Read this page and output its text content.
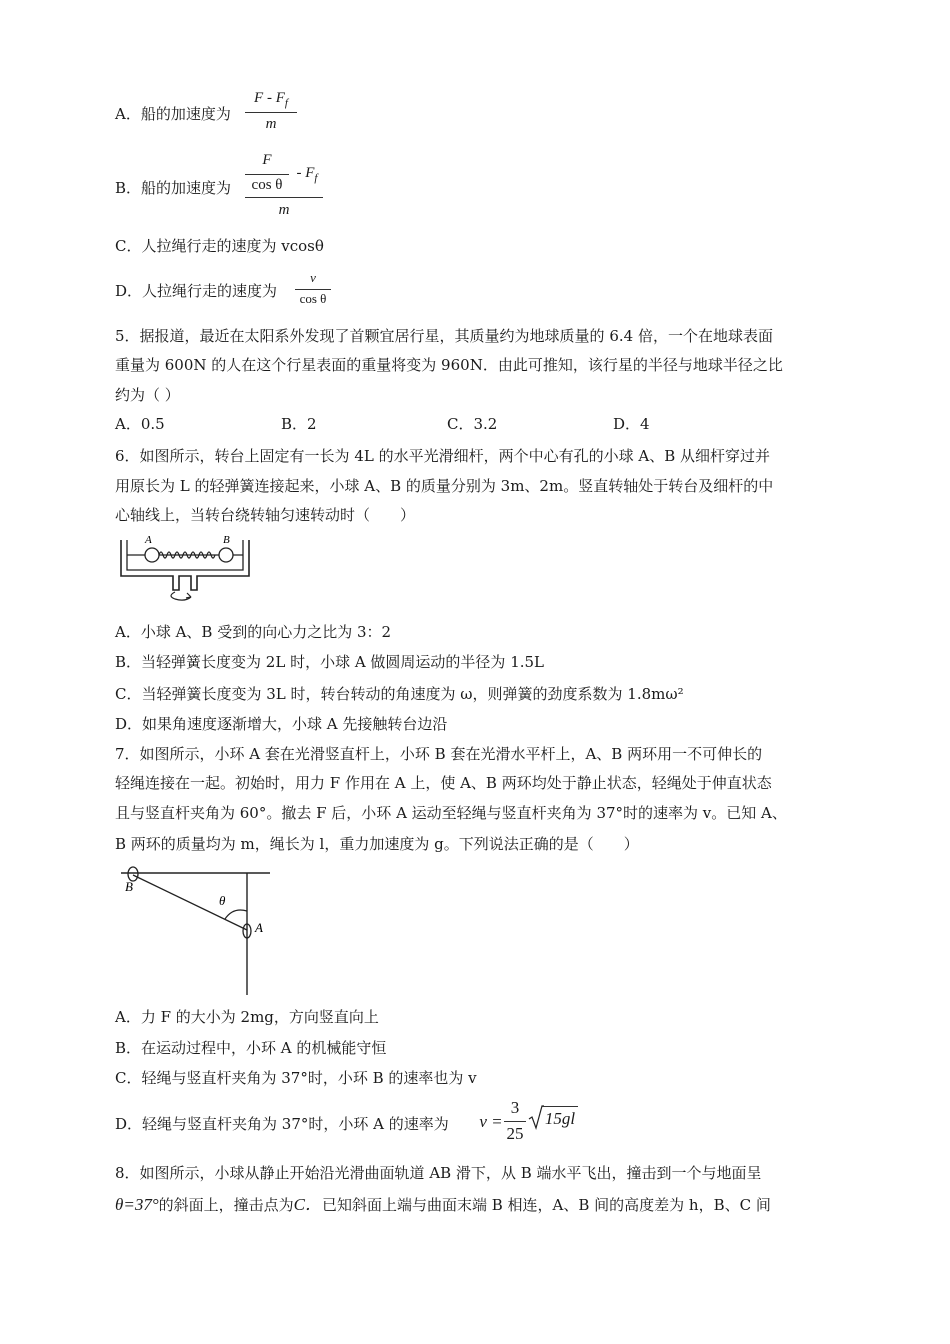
A．船的加速度为
F - $F_f$
m
B．船的加速度为
F
cos θ
- $F_f$
m
C．人拉绳行走的速度为 vcosθ
D．人拉绳行走的速度为
v
cos θ
5．据报道，最近在太阳系外发现了首颗宜居行星，其质量约为地球质量的 6.4 倍，一个在地球表面
重量为 600N 的人在这个行星表面的重量将变为 960N．由此可推知，该行星的半径与地球半径之比
约为（ ）
A．0.5	B．2	C．3.2	D．4
6．如图所示，转台上固定有一长为 4L 的水平光滑细杆，两个中心有孔的小球 A、B 从细杆穿过并
用原长为 L 的轻弹簧连接起来，小球 A、B 的质量分别为 3m、2m。竖直转轴处于转台及细杆的中
心轴线上，当转台绕转轴匀速转动时（　　）
A	B
A．小球 A、B 受到的向心力之比为 3：2
B．当轻弹簧长度变为 2L 时，小球 A 做圆周运动的半径为 1.5L
C．当轻弹簧长度变为 3L 时，转台转动的角速度为 ω，则弹簧的劲度系数为 1.8mω²
D．如果角速度逐渐增大，小球 A 先接触转台边沿
7．如图所示，小环 A 套在光滑竖直杆上，小环 B 套在光滑水平杆上，A、B 两环用一不可伸长的
轻绳连接在一起。初始时，用力 F 作用在 A 上，使 A、B 两环均处于静止状态，轻绳处于伸直状态
且与竖直杆夹角为 60°。撤去 F 后，小环 A 运动至轻绳与竖直杆夹角为 37°时的速率为 v。已知 A、
B 两环的质量均为 m，绳长为 l，重力加速度为 g。下列说法正确的是（　　）
B
θ
A
A．力 F 的大小为 2mg，方向竖直向上
B．在运动过程中，小环 A 的机械能守恒
C．轻绳与竖直杆夹角为 37°时，小环 B 的速率也为 v
D．轻绳与竖直杆夹角为 37°时，小环 A 的速率为 v =
3
25
15gl
8．如图所示，小球从静止开始沿光滑曲面轨道 AB 滑下，从 B 端水平飞出，撞击到一个与地面呈
θ=37°的斜面上，撞击点为C．已知斜面上端与曲面末端 B 相连，A、B 间的高度差为 h，B、C 间
